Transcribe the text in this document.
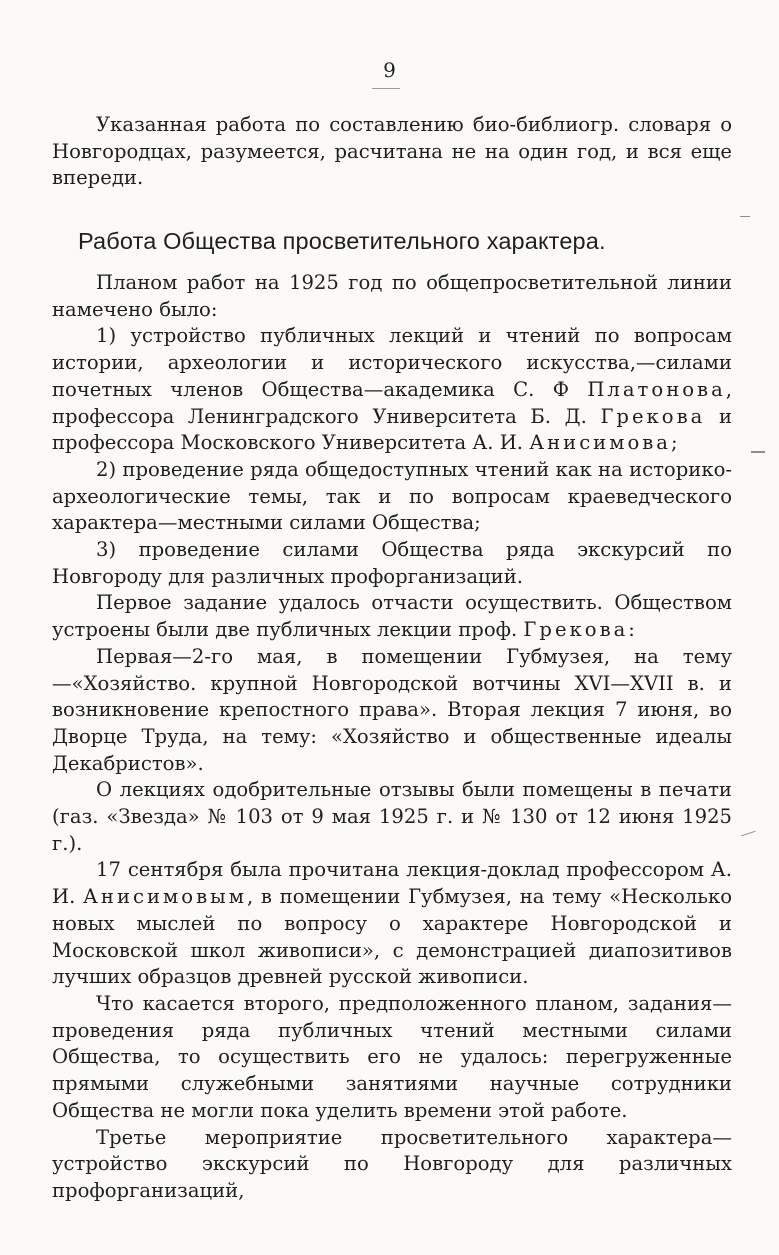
9

Указанная работа по составлению био-библиогр. словаря о Новгородцах, разумеется, расчитана не на один год, и вся еще впереди.

Работа Общества просветительного характера.

Планом работ на 1925 год по общепросветительной линии намечено было:

1) устройство публичных лекций и чтений по вопросам истории, археологии и исторического искусства,—силами почетных членов Общества—академика С. Ф Платонова, профессора Ленинградского Университета Б. Д. Грекова и профессора Московского Университета А. И. Анисимова;

2) проведение ряда общедоступных чтений как на историко-археологические темы, так и по вопросам краеведческого характера—местными силами Общества;

3) проведение силами Общества ряда экскурсий по Новгороду для различных профорганизаций.

Первое задание удалось отчасти осуществить. Обществом устроены были две публичных лекции проф. Грекова:

Первая—2-го мая, в помещении Губмузея, на тему—«Хозяйство. крупной Новгородской вотчины XVI—XVII в. и возникновение крепостного права». Вторая лекция 7 июня, во Дворце Труда, на тему: «Хозяйство и общественные идеалы Декабристов».

О лекциях одобрительные отзывы были помещены в печати (газ. «Звезда» № 103 от 9 мая 1925 г. и № 130 от 12 июня 1925 г.).

17 сентября была прочитана лекция-доклад профессором А. И. Анисимовым, в помещении Губмузея, на тему «Несколько новых мыслей по вопросу о характере Новгородской и Московской школ живописи», с демонстрацией диапозитивов лучших образцов древней русской живописи.

Что касается второго, предположенного планом, задания—проведения ряда публичных чтений местными силами Общества, то осуществить его не удалось: перегруженные прямыми служебными занятиями научные сотрудники Общества не могли пока уделить времени этой работе.

Третье мероприятие просветительного характера—устройство экскурсий по Новгороду для различных профорганизаций,
